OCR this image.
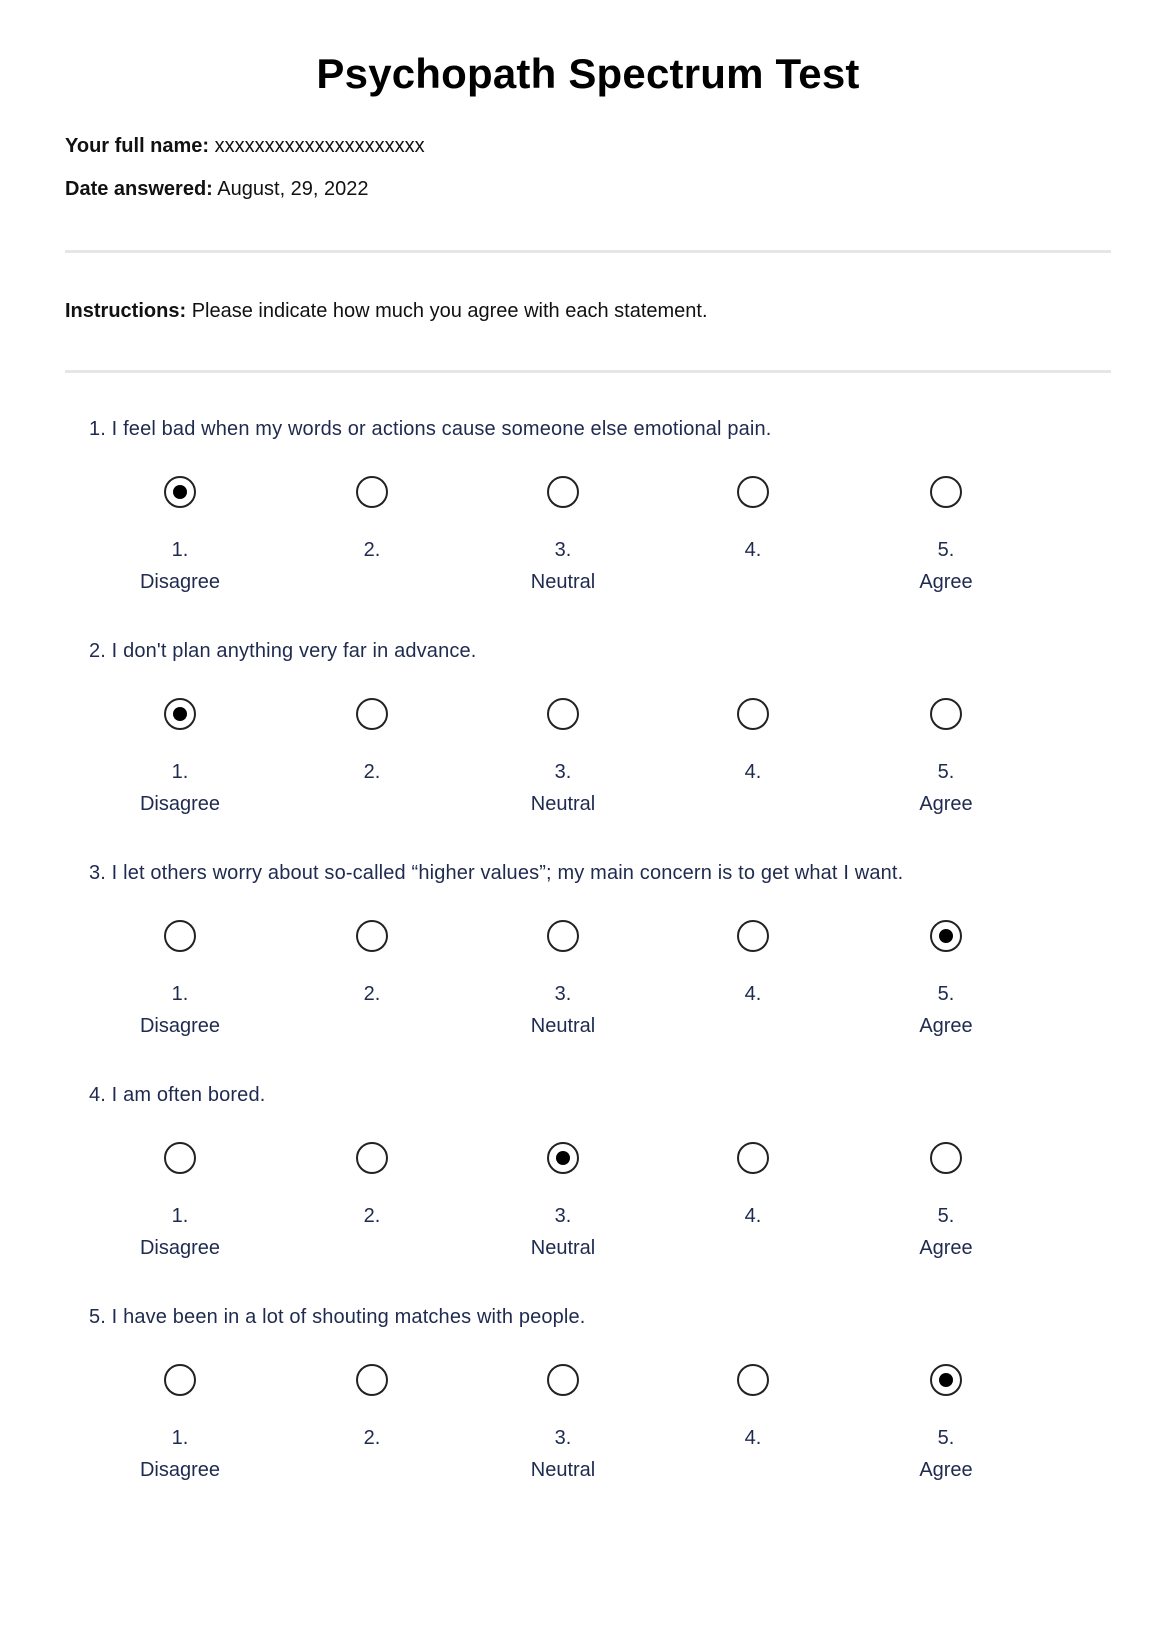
Psychopath Spectrum Test
Your full name: xxxxxxxxxxxxxxxxxxxxx
Date answered: August, 29, 2022
Instructions: Please indicate how much you agree with each statement.
1. I feel bad when my words or actions cause someone else emotional pain.
1.
Disagree
2.	3.
Neutral
4.	5.
Agree
2. I don't plan anything very far in advance.
1.
Disagree
2.	3.
Neutral
4.	5.
Agree
3. I let others worry about so-called “higher values”; my main concern is to get what I want.
1.
Disagree
2.	3.
Neutral
4.	5.
Agree
4. I am often bored.
1.
Disagree
2.	3.
Neutral
4.	5.
Agree
5. I have been in a lot of shouting matches with people.
1.
Disagree
2.	3.
Neutral
4.	5.
Agree
